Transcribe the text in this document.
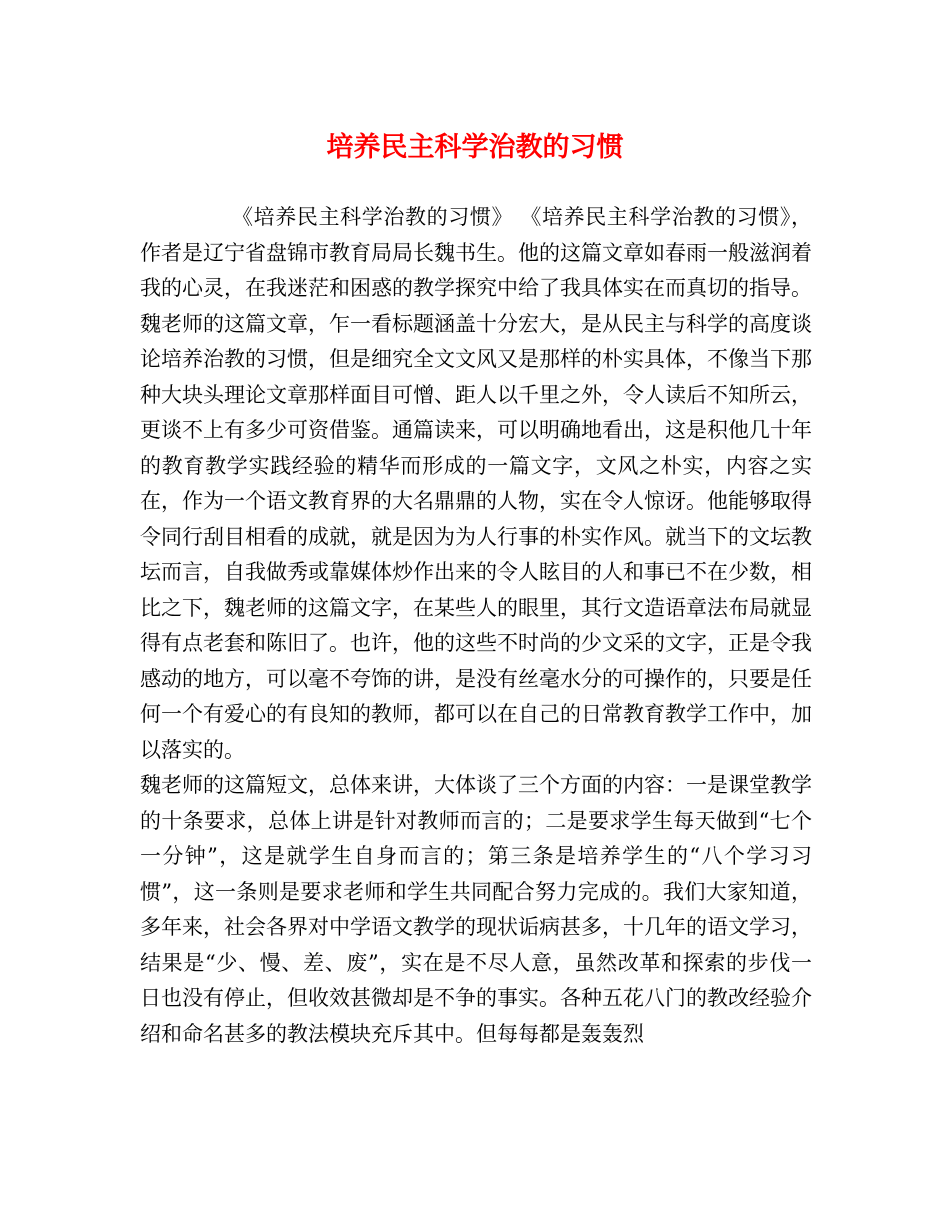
培养民主科学治教的习惯

《培养民主科学治教的习惯》 《培养民主科学治教的习惯》，作者是辽宁省盘锦市教育局局长魏书生。他的这篇文章如春雨一般滋润着我的心灵，在我迷茫和困惑的教学探究中给了我具体实在而真切的指导。

魏老师的这篇文章，乍一看标题涵盖十分宏大，是从民主与科学的高度谈论培养治教的习惯，但是细究全文文风又是那样的朴实具体，不像当下那种大块头理论文章那样面目可憎、距人以千里之外，令人读后不知所云，更谈不上有多少可资借鉴。通篇读来，可以明确地看出，这是积他几十年的教育教学实践经验的精华而形成的一篇文字，文风之朴实，内容之实在，作为一个语文教育界的大名鼎鼎的人物，实在令人惊讶。他能够取得令同行刮目相看的成就，就是因为为人行事的朴实作风。就当下的文坛教坛而言，自我做秀或靠媒体炒作出来的令人眩目的人和事已不在少数，相比之下，魏老师的这篇文字，在某些人的眼里，其行文造语章法布局就显得有点老套和陈旧了。也许，他的这些不时尚的少文采的文字，正是令我感动的地方，可以毫不夸饰的讲，是没有丝毫水分的可操作的，只要是任何一个有爱心的有良知的教师，都可以在自己的日常教育教学工作中，加以落实的。

魏老师的这篇短文，总体来讲，大体谈了三个方面的内容：一是课堂教学的十条要求，总体上讲是针对教师而言的；二是要求学生每天做到“七个一分钟”，这是就学生自身而言的；第三条是培养学生的“八个学习习惯”，这一条则是要求老师和学生共同配合努力完成的。我们大家知道，多年来，社会各界对中学语文教学的现状诟病甚多，十几年的语文学习，结果是“少、慢、差、废”，实在是不尽人意，虽然改革和探索的步伐一日也没有停止，但收效甚微却是不争的事实。各种五花八门的教改经验介绍和命名甚多的教法模块充斥其中。但每每都是轰轰烈
